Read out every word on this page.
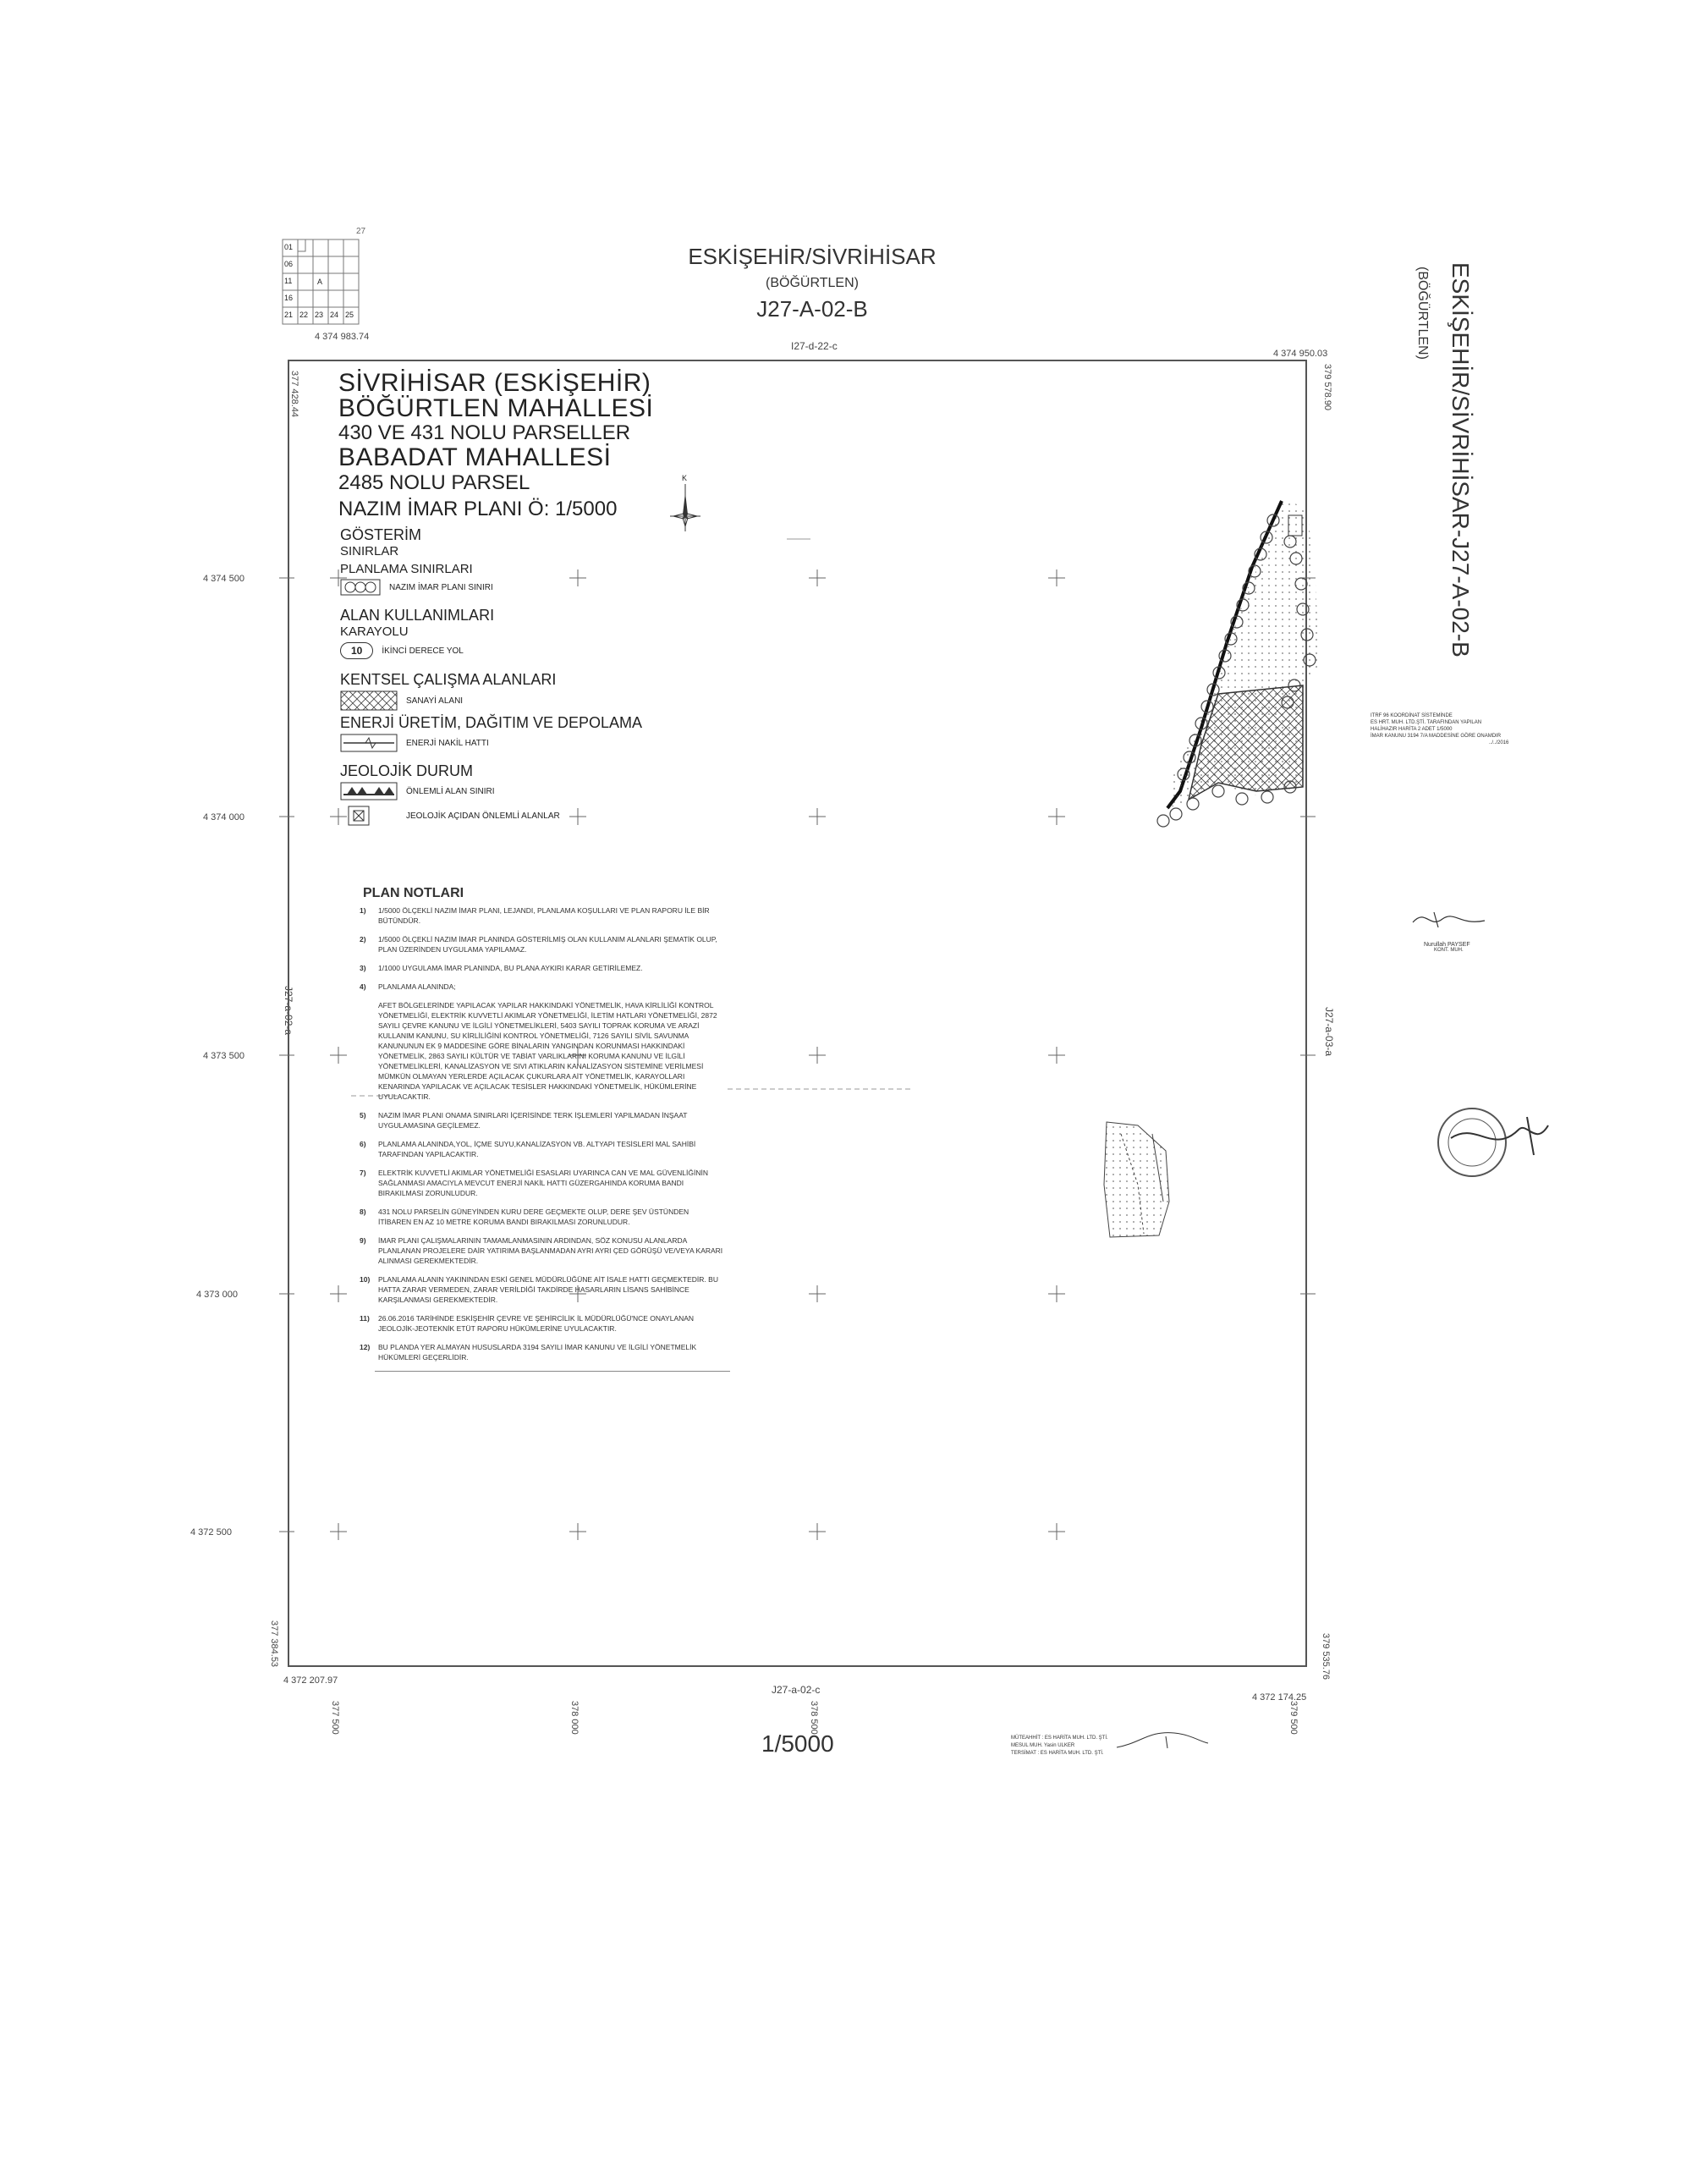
01
06
11
16
21 22 23 24 25
A
27
ESKİŞEHİR/SİVRİHİSAR
(BÖĞÜRTLEN)
J27-A-02-B	ESKİŞEHİR/SİVRİHİSAR-J27-A-02-B
(BÖĞÜRTLEN)
4 374 983.74
4 374 950.03
4 372 207.97
4 372 174.25
377 428.44
377 384.53
379 578.90
379 535.76
I27-d-22-c
J27-a-02-c
J27-a-02-a	J27-a-03-a
4 374 500
4 374 000
4 373 500
4 373 000
4 372 500
377 500	378 000	378 500	379 500
K
SİVRİHİSAR (ESKİŞEHİR)
BÖĞÜRTLEN MAHALLESİ
430 VE 431 NOLU PARSELLER
BABADAT MAHALLESİ
2485 NOLU PARSEL
NAZIM İMAR PLANI Ö: 1/5000
GÖSTERİM
SINIRLAR
PLANLAMA SINIRLARI
NAZIM İMAR PLANI SINIRI
ALAN KULLANIMLARI
KARAYOLU
10	İKİNCİ DERECE YOL
KENTSEL ÇALIŞMA ALANLARI
SANAYİ ALANI
ENERJİ ÜRETİM, DAĞITIM VE DEPOLAMA
ENERJİ NAKİL HATTI
JEOLOJİK DURUM
ÖNLEMLİ ALAN SINIRI
JEOLOJİK AÇIDAN ÖNLEMLİ ALANLAR
PLAN NOTLARI
1)	1/5000 ÖLÇEKLİ NAZIM İMAR PLANI, LEJANDI, PLANLAMA KOŞULLARI VE PLAN RAPORU İLE BİR BÜTÜNDÜR.
2)	1/5000 ÖLÇEKLİ NAZIM İMAR PLANINDA GÖSTERİLMİŞ OLAN KULLANIM ALANLARI ŞEMATİK OLUP, PLAN ÜZERİNDEN UYGULAMA YAPILAMAZ.
3)	1/1000 UYGULAMA İMAR PLANINDA, BU PLANA AYKIRI KARAR GETİRİLEMEZ.
4)	PLANLAMA ALANINDA;
AFET BÖLGELERİNDE YAPILACAK YAPILAR HAKKINDAKİ YÖNETMELİK, HAVA KİRLİLİĞİ KONTROL YÖNETMELİĞİ, ELEKTRİK KUVVETLİ AKIMLAR YÖNETMELİĞİ, İLETİM HATLARI YÖNETMELİĞİ, 2872 SAYILI ÇEVRE KANUNU VE İLGİLİ YÖNETMELİKLERİ, 5403 SAYILI TOPRAK KORUMA VE ARAZİ KULLANIM KANUNU, SU KİRLİLİĞİNİ KONTROL YÖNETMELİĞİ, 7126 SAYILI SİVİL SAVUNMA KANUNUNUN EK 9 MADDESİNE GÖRE BİNALARIN YANGINDAN KORUNMASI HAKKINDAKİ YÖNETMELİK, 2863 SAYILI KÜLTÜR VE TABİAT VARLIKLARINI KORUMA KANUNU VE İLGİLİ YÖNETMELİKLERİ, KANALİZASYON VE SIVI ATIKLARIN KANALİZASYON SİSTEMİNE VERİLMESİ MÜMKÜN OLMAYAN YERLERDE AÇILACAK ÇUKURLARA AİT YÖNETMELİK, KARAYOLLARI KENARINDA YAPILACAK VE AÇILACAK TESİSLER HAKKINDAKİ YÖNETMELİK, HÜKÜMLERİNE UYULACAKTIR.
5)	NAZIM İMAR PLANI ONAMA SINIRLARI İÇERİSİNDE TERK İŞLEMLERİ YAPILMADAN İNŞAAT UYGULAMASINA GEÇİLEMEZ.
6)	PLANLAMA ALANINDA,YOL, İÇME SUYU,KANALİZASYON VB. ALTYAPI TESİSLERİ MAL SAHİBİ TARAFINDAN YAPILACAKTIR.
7)	ELEKTRİK KUVVETLİ AKIMLAR YÖNETMELİĞİ ESASLARI UYARINCA CAN VE MAL GÜVENLİĞİNİN SAĞLANMASI AMACIYLA MEVCUT ENERJİ NAKİL HATTI GÜZERGAHINDA KORUMA BANDI BIRAKILMASI ZORUNLUDUR.
8)	431 NOLU PARSELİN GÜNEYİNDEN KURU DERE GEÇMEKTE OLUP, DERE ŞEV ÜSTÜNDEN İTİBAREN EN AZ 10 METRE KORUMA BANDI BIRAKILMASI ZORUNLUDUR.
9)	İMAR PLANI ÇALIŞMALARININ TAMAMLANMASININ ARDINDAN, SÖZ KONUSU ALANLARDA PLANLANAN PROJELERE DAİR YATIRIMA BAŞLANMADAN AYRI AYRI ÇED GÖRÜŞÜ VE/VEYA KARARI ALINMASI GEREKMEKTEDİR.
10)	PLANLAMA ALANIN YAKININDAN ESKİ GENEL MÜDÜRLÜĞÜNE AİT İSALE HATTI GEÇMEKTEDİR. BU HATTA ZARAR VERMEDEN, ZARAR VERİLDİĞİ TAKDİRDE HASARLARIN LİSANS SAHİBİNCE KARŞILANMASI GEREKMEKTEDİR.
11)	26.06.2016 TARİHİNDE ESKİŞEHİR ÇEVRE VE ŞEHİRCİLİK İL MÜDÜRLÜĞÜ'NCE ONAYLANAN JEOLOJİK-JEOTEKNİK ETÜT RAPORU HÜKÜMLERİNE UYULACAKTIR.
12)	BU PLANDA YER ALMAYAN HUSUSLARDA 3194 SAYILI İMAR KANUNU VE İLGİLİ YÖNETMELİK HÜKÜMLERİ GEÇERLİDİR.
ITRF 96 KOORDİNAT SİSTEMİNDE
ES HRT. MUH. LTD.ŞTİ. TARAFINDAN YAPILAN
HALİHAZIR HARİTA 2 ADET 1/5000
İMAR KANUNU 3194 7/A MADDESİNE GÖRE ONAMDIR
../../2016
Nurullah PAYSEF
KONT. MUH.
1/5000	MÜTEAHHİT : ES HARİTA MUH. LTD. ŞTİ.
MESUL MUH. Yasin ULKER
TERSİMAT : ES HARİTA MUH. LTD. ŞTİ.
